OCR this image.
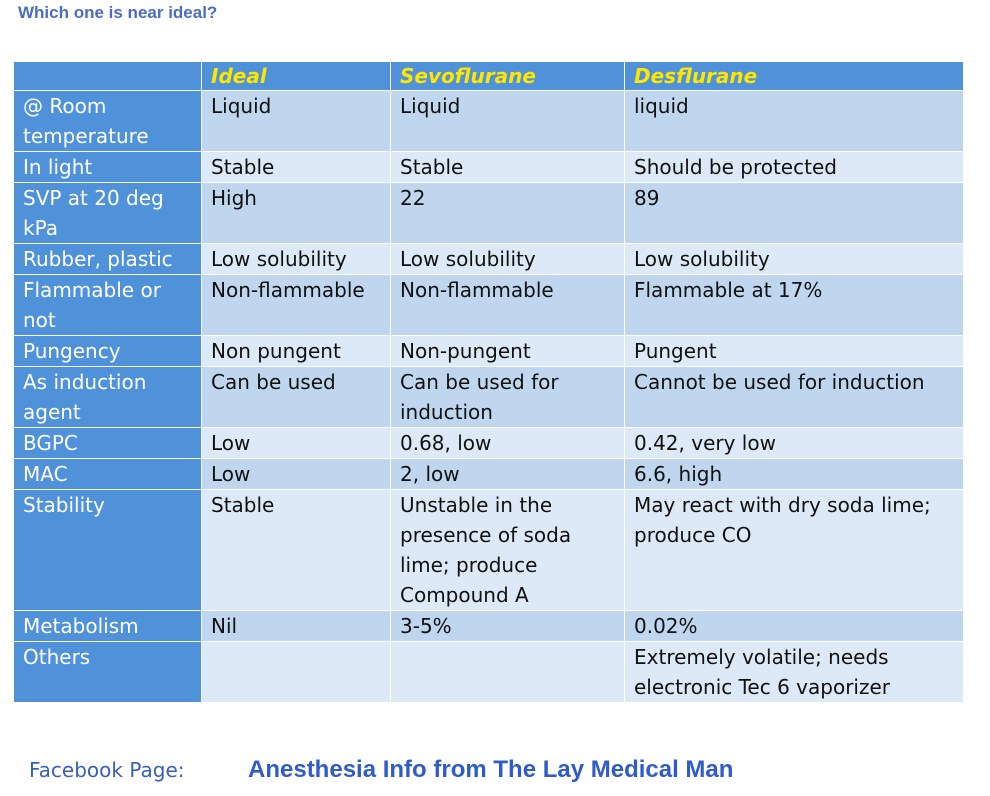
Which one is near ideal?
	Ideal	Sevoflurane	Desflurane
@ Room temperature	Liquid	Liquid	liquid
In light	Stable	Stable	Should be protected
SVP at 20 deg kPa	High	22	89
Rubber, plastic	Low solubility	Low solubility	Low solubility
Flammable or not	Non-flammable	Non-flammable	Flammable at 17%
Pungency	Non pungent	Non-pungent	Pungent
As induction agent	Can be used	Can be used for induction	Cannot be used for induction
BGPC	Low	0.68, low	0.42, very low
MAC	Low	2, low	6.6, high
Stability	Stable	Unstable in the presence of soda lime; produce Compound A	May react with dry soda lime; produce CO
Metabolism	Nil	3-5%	0.02%
Others			Extremely volatile; needs electronic Tec 6 vaporizer
Facebook Page:	Anesthesia Info from The Lay Medical Man
